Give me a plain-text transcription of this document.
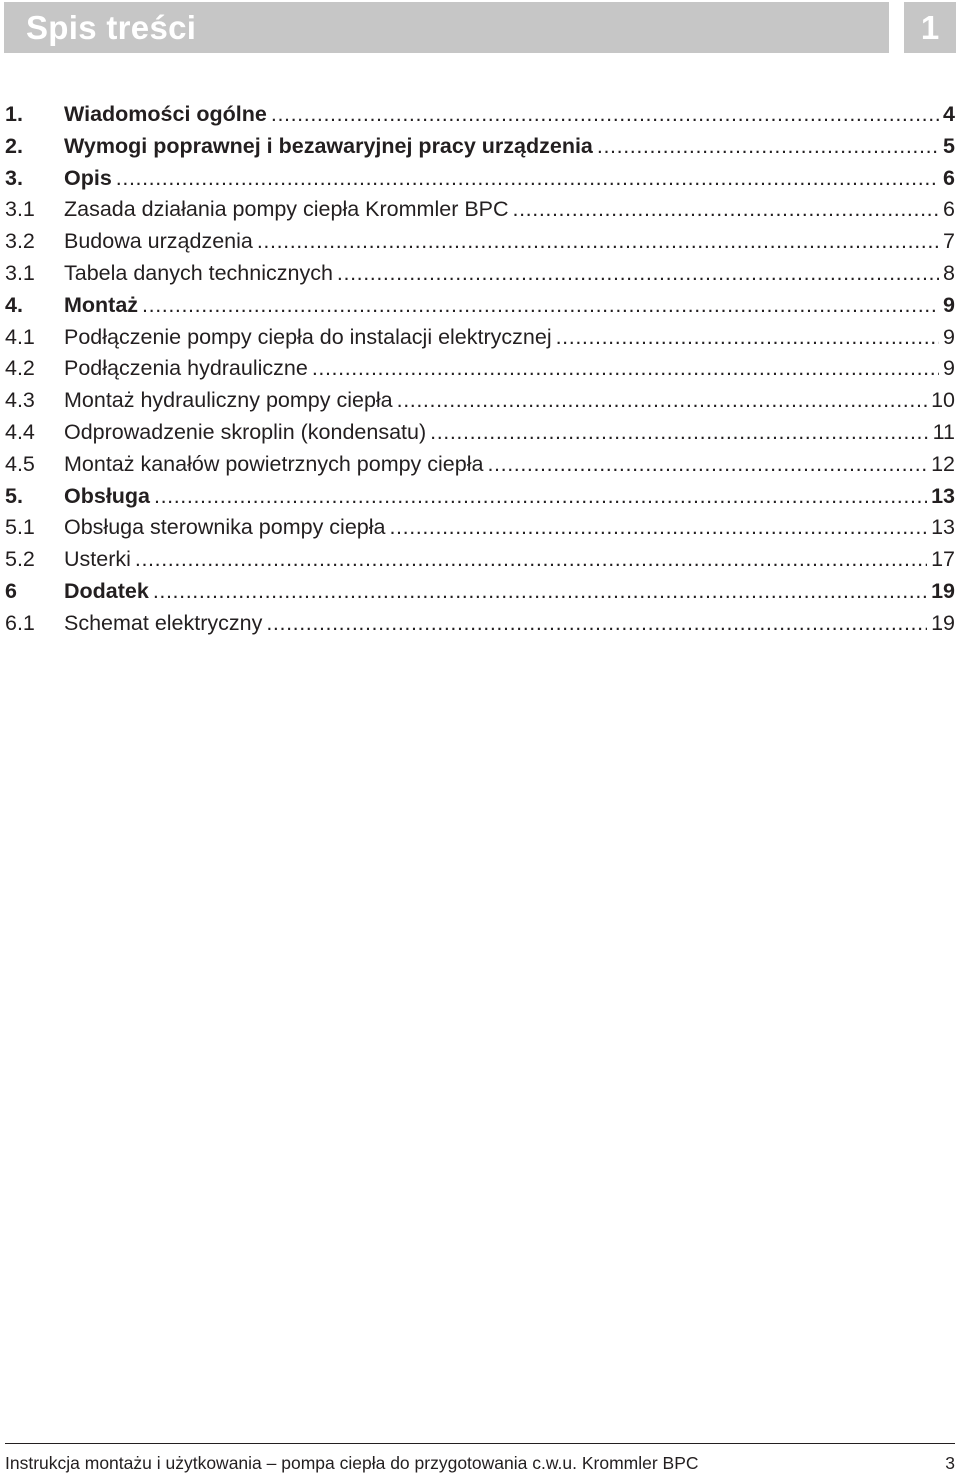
Spis treści	1
1.	Wiadomości ogólne .....	4
2.	Wymogi poprawnej i bezawaryjnej pracy urządzenia .....	5
3.	Opis .....	6
3.1	Zasada działania pompy ciepła Krommler BPC .....	6
3.2	Budowa urządzenia .....	7
3.1	Tabela danych technicznych .....	8
4.	Montaż .....	9
4.1	Podłączenie pompy ciepła do instalacji elektrycznej .....	9
4.2	Podłączenia hydrauliczne .....	9
4.3	Montaż hydrauliczny pompy ciepła .....	10
4.4	Odprowadzenie skroplin (kondensatu) .....	11
4.5	Montaż kanałów powietrznych pompy ciepła .....	12
5.	Obsługa .....	13
5.1	Obsługa sterownika pompy ciepła .....	13
5.2	Usterki .....	17
6	Dodatek .....	19
6.1	Schemat elektryczny .....	19
Instrukcja montażu i użytkowania – pompa ciepła do przygotowania c.w.u. Krommler BPC	3
